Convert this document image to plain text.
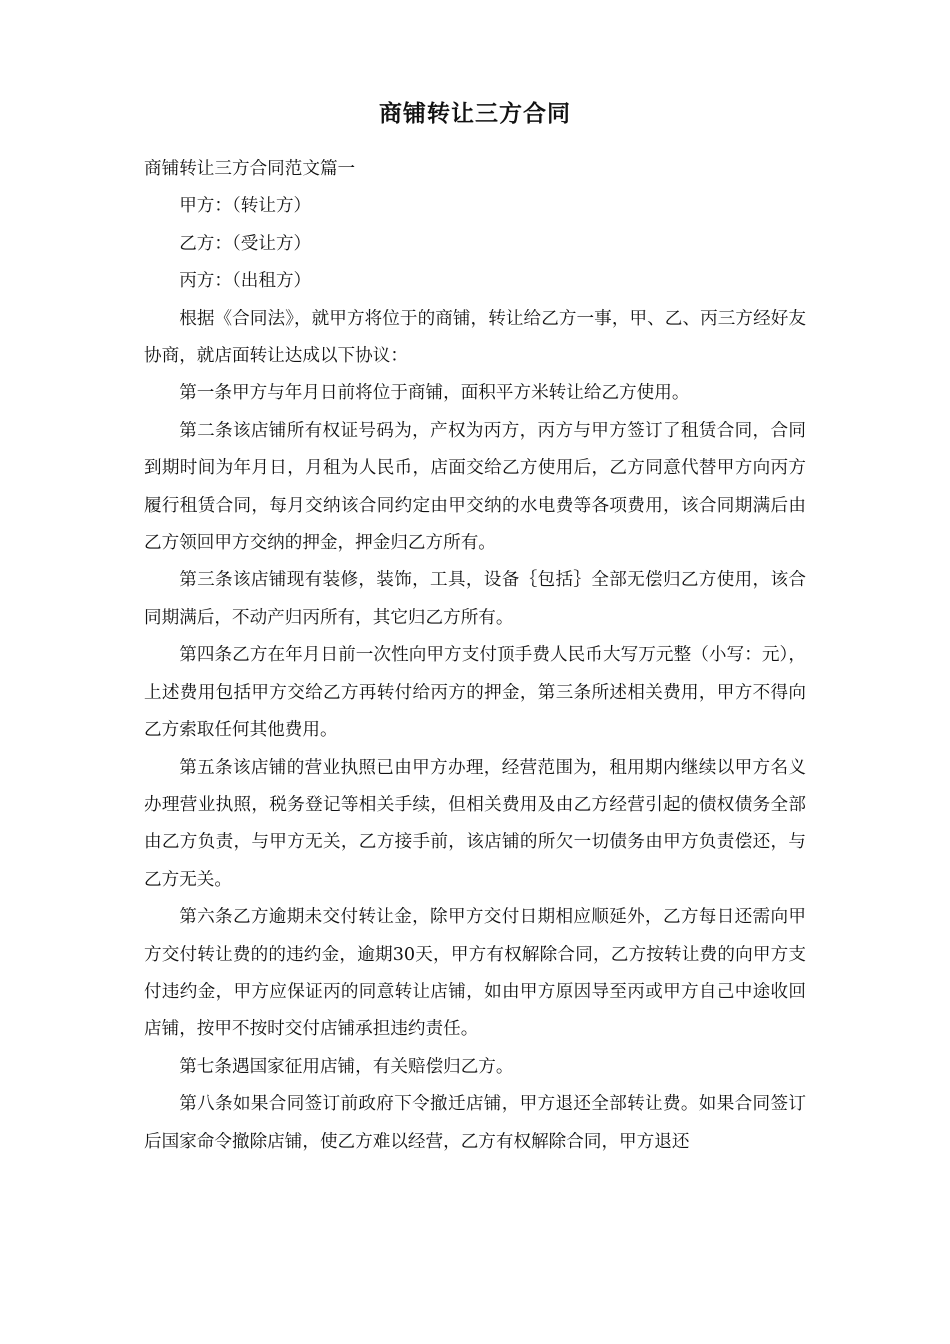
商铺转让三方合同

商铺转让三方合同范文篇一

甲方：（转让方）

乙方：（受让方）

丙方：（出租方）

根据《合同法》，就甲方将位于的商铺，转让给乙方一事，甲、乙、丙三方经好友协商，就店面转让达成以下协议：

第一条甲方与年月日前将位于商铺，面积平方米转让给乙方使用。

第二条该店铺所有权证号码为，产权为丙方，丙方与甲方签订了租赁合同，合同到期时间为年月日，月租为人民币，店面交给乙方使用后，乙方同意代替甲方向丙方履行租赁合同，每月交纳该合同约定由甲交纳的水电费等各项费用，该合同期满后由乙方领回甲方交纳的押金，押金归乙方所有。

第三条该店铺现有装修，装饰，工具，设备｛包括｝全部无偿归乙方使用，该合同期满后，不动产归丙所有，其它归乙方所有。

第四条乙方在年月日前一次性向甲方支付顶手费人民币大写万元整（小写：元），上述费用包括甲方交给乙方再转付给丙方的押金，第三条所述相关费用，甲方不得向乙方索取任何其他费用。

第五条该店铺的营业执照已由甲方办理，经营范围为，租用期内继续以甲方名义办理营业执照，税务登记等相关手续，但相关费用及由乙方经营引起的债权债务全部由乙方负责，与甲方无关，乙方接手前，该店铺的所欠一切债务由甲方负责偿还，与乙方无关。

第六条乙方逾期未交付转让金，除甲方交付日期相应顺延外，乙方每日还需向甲方交付转让费的的违约金，逾期30天，甲方有权解除合同，乙方按转让费的向甲方支付违约金，甲方应保证丙的同意转让店铺，如由甲方原因导至丙或甲方自己中途收回店铺，按甲不按时交付店铺承担违约责任。

第七条遇国家征用店铺，有关赔偿归乙方。

第八条如果合同签订前政府下令撤迁店铺，甲方退还全部转让费。如果合同签订后国家命令撤除店铺，使乙方难以经营，乙方有权解除合同，甲方退还
